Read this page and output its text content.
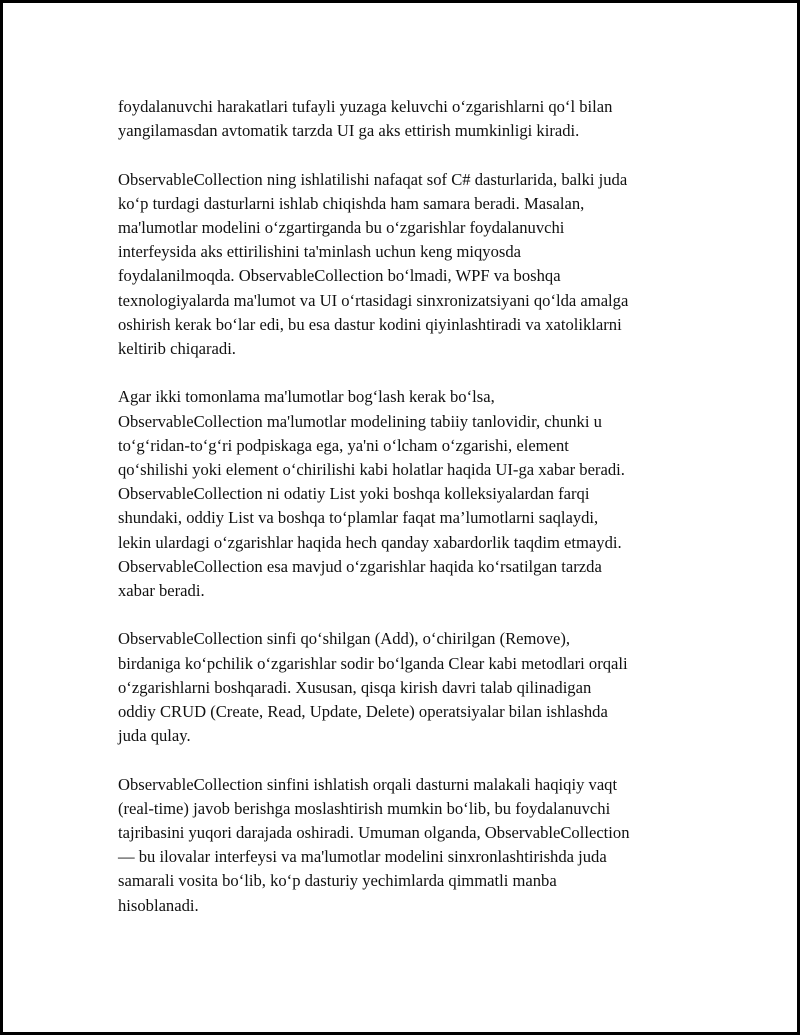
foydalanuvchi harakatlari tufayli yuzaga keluvchi o‘zgarishlarni qo‘l bilan
yangilamasdan avtomatik tarzda UI ga aks ettirish mumkinligi kiradi.

ObservableCollection ning ishlatilishi nafaqat sof C# dasturlarida, balki juda
ko‘p turdagi dasturlarni ishlab chiqishda ham samara beradi. Masalan,
ma'lumotlar modelini o‘zgartirganda bu o‘zgarishlar foydalanuvchi
interfeysida aks ettirilishini ta'minlash uchun keng miqyosda
foydalanilmoqda. ObservableCollection bo‘lmadi, WPF va boshqa
texnologiyalarda ma'lumot va UI o‘rtasidagi sinxronizatsiyani qo‘lda amalga
oshirish kerak bo‘lar edi, bu esa dastur kodini qiyinlashtiradi va xatoliklarni
keltirib chiqaradi.

Agar ikki tomonlama ma'lumotlar bog‘lash kerak bo‘lsa,
ObservableCollection ma'lumotlar modelining tabiiy tanlovidir, chunki u
to‘g‘ridan-to‘g‘ri podpiskaga ega, ya'ni o‘lcham o‘zgarishi, element
qo‘shilishi yoki element o‘chirilishi kabi holatlar haqida UI-ga xabar beradi.
ObservableCollection ni odatiy List yoki boshqa kolleksiyalardan farqi
shundaki, oddiy List va boshqa to‘plamlar faqat ma’lumotlarni saqlaydi,
lekin ulardagi o‘zgarishlar haqida hech qanday xabardorlik taqdim etmaydi.
ObservableCollection esa mavjud o‘zgarishlar haqida ko‘rsatilgan tarzda
xabar beradi.

ObservableCollection sinfi qo‘shilgan (Add), o‘chirilgan (Remove),
birdaniga ko‘pchilik o‘zgarishlar sodir bo‘lganda Clear kabi metodlari orqali
o‘zgarishlarni boshqaradi. Xususan, qisqa kirish davri talab qilinadigan
oddiy CRUD (Create, Read, Update, Delete) operatsiyalar bilan ishlashda
juda qulay.

ObservableCollection sinfini ishlatish orqali dasturni malakali haqiqiy vaqt
(real-time) javob berishga moslashtirish mumkin bo‘lib, bu foydalanuvchi
tajribasini yuqori darajada oshiradi. Umuman olganda, ObservableCollection
— bu ilovalar interfeysi va ma'lumotlar modelini sinxronlashtirishda juda
samarali vosita bo‘lib, ko‘p dasturiy yechimlarda qimmatli manba
hisoblanadi.
